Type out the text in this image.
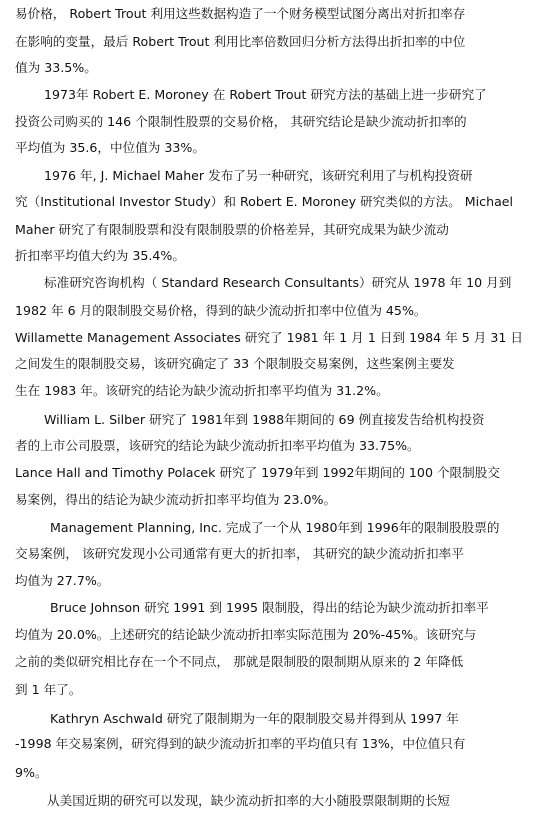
易价格， Robert Trout 利用这些数据构造了一个财务模型试图分离出对折扣率存
在影响的变量，最后 Robert Trout 利用比率倍数回归分析方法得出折扣率的中位
值为 33.5%。
1973年 Robert E. Moroney 在 Robert Trout 研究方法的基础上进一步研究了
投资公司购买的 146 个限制性股票的交易价格， 其研究结论是缺少流动折扣率的
平均值为 35.6，中位值为 33%。
1976 年, J. Michael Maher 发布了另一种研究，该研究利用了与机构投资研
究（Institutional Investor Study）和 Robert E. Moroney 研究类似的方法。 Michael
Maher 研究了有限制股票和没有限制股票的价格差异，其研究成果为缺少流动
折扣率平均值大约为 35.4%。
标准研究咨询机构（ Standard Research Consultants）研究从 1978 年 10 月到
1982 年 6 月的限制股交易价格，得到的缺少流动折扣率中位值为 45%。
Willamette Management Associates 研究了 1981 年 1 月 1 日到 1984 年 5 月 31 日
之间发生的限制股交易，该研究确定了 33 个限制股交易案例，这些案例主要发
生在 1983 年。该研究的结论为缺少流动折扣率平均值为 31.2%。
William L. Silber 研究了 1981年到 1988年期间的 69 例直接发告给机构投资
者的上市公司股票，该研究的结论为缺少流动折扣率平均值为 33.75%。
Lance Hall and Timothy Polacek 研究了 1979年到 1992年期间的 100 个限制股交
易案例，得出的结论为缺少流动折扣率平均值为 23.0%。
Management Planning, Inc. 完成了一个从 1980年到 1996年的限制股股票的
交易案例， 该研究发现小公司通常有更大的折扣率， 其研究的缺少流动折扣率平
均值为 27.7%。
Bruce Johnson 研究 1991 到 1995 限制股，得出的结论为缺少流动折扣率平
均值为 20.0%。上述研究的结论缺少流动折扣率实际范围为 20%-45%。该研究与
之前的类似研究相比存在一个不同点， 那就是限制股的限制期从原来的 2 年降低
到 1 年了。
Kathryn Aschwald 研究了限制期为一年的限制股交易并得到从 1997 年
-1998 年交易案例，研究得到的缺少流动折扣率的平均值只有 13%，中位值只有
9%。
从美国近期的研究可以发现，缺少流动折扣率的大小随股票限制期的长短
